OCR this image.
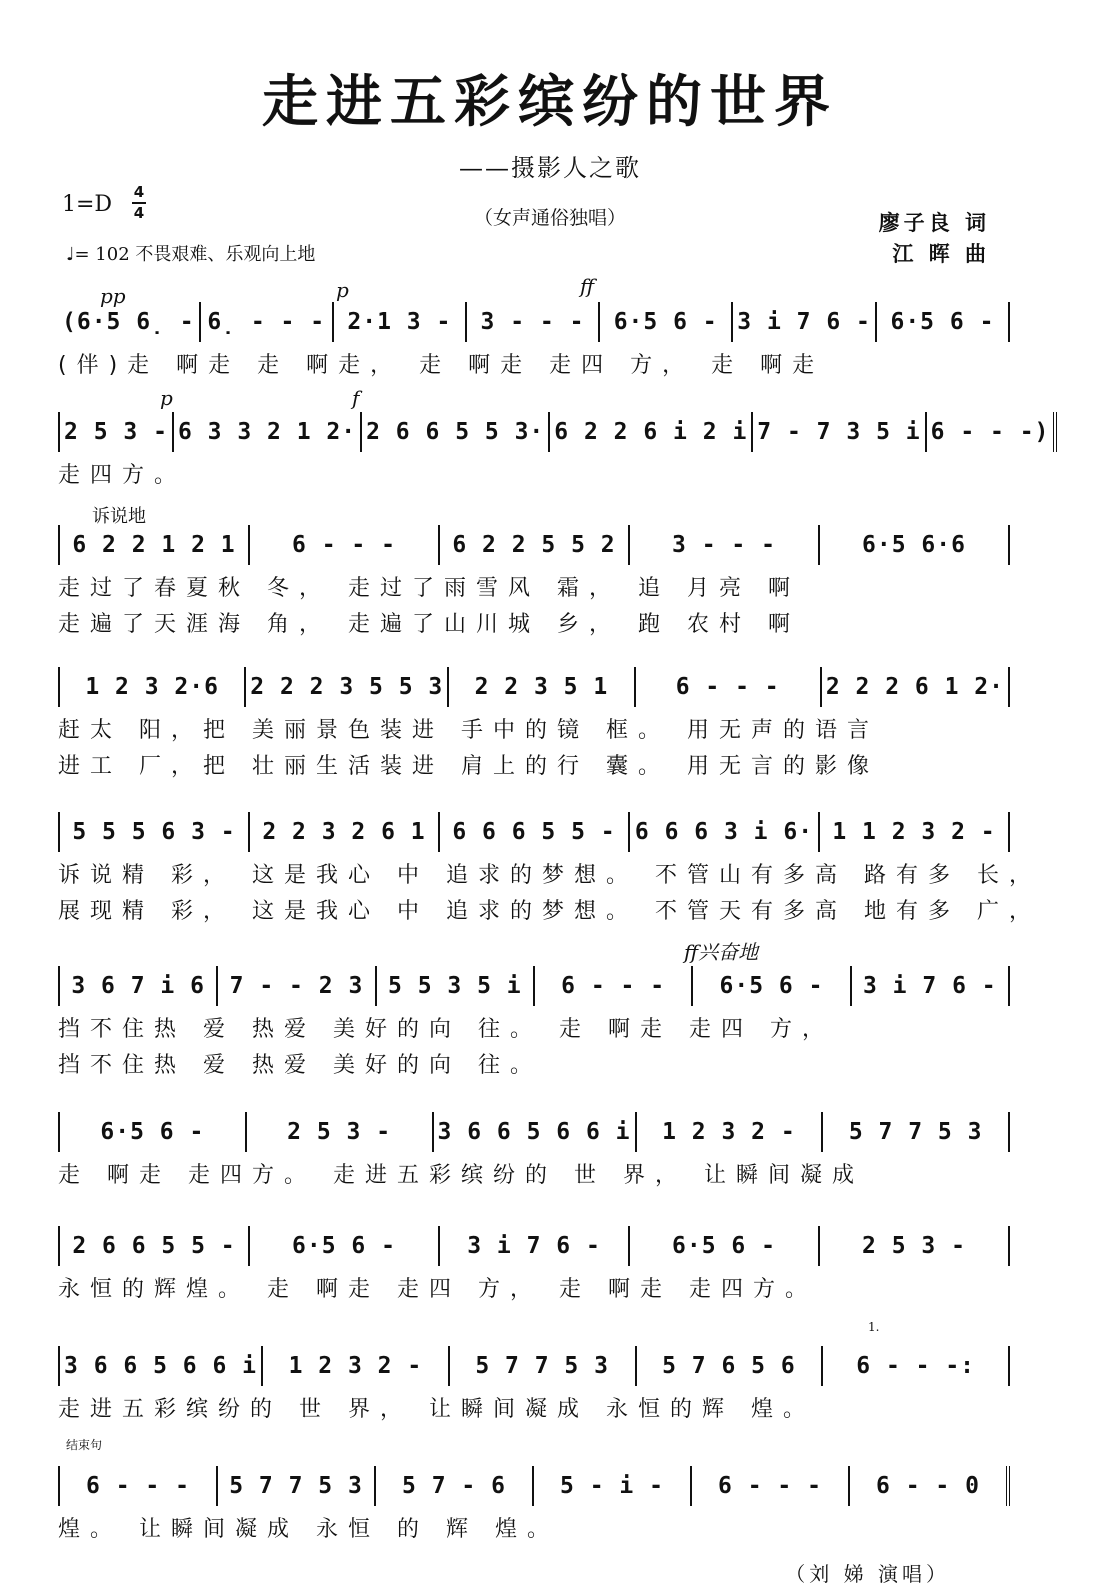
走进五彩缤纷的世界
——摄影人之歌
（女声通俗独唱）
1=D 4
4
♩= 102 不畏艰难、乐观向上地
廖子良 词
江 晖 曲
pp	p	ff
p	f
诉说地
ff兴奋地
1.
结束句
(6·5 6̣ - 6̣ - - - 2·1 3 -	3 - - -	6·5 6 - 3 i 7 6 - 6·5 6 -
(伴)走 啊走 走 啊走， 走 啊走 走四 方， 走 啊走
2 5 3 - 6 3 3 2 1 2· 2 6 6 5 5 3· 6 2 2 6 i 2 i 7 - 7 3 5 i 6 - - -)
走四方。
6 2 2 1 2 1	6 - - -	6 2 2 5 5 2	3 - - -	6·5 6·6
走过了春夏秋 冬， 走过了雨雪风 霜， 追 月亮 啊
走遍了天涯海 角， 走遍了山川城 乡， 跑 农村 啊
1 2 3 2·6	2 2 2 3 5 5 3	2 2 3 5 1	6 - - -	2 2 2 6 1 2·
赶太 阳，把 美丽景色装进 手中的镜 框。 用无声的语言
进工 厂，把 壮丽生活装进 肩上的行 囊。 用无言的影像
5 5 5 6 3 -	2 2 3 2 6 1	6 6 6 5 5 - 6 6 6 3 i 6· 1 1 2 3 2 -
诉说精 彩， 这是我心 中 追求的梦想。 不管山有多高 路有多 长，
展现精 彩， 这是我心 中 追求的梦想。 不管天有多高 地有多 广，
3 6 7 i 6	7 - - 2 3	5 5 3 5 i	6 - - -	6·5 6 -	3 i 7 6 -
挡不住热 爱 热爱 美好的向 往。 走 啊走 走四 方，
挡不住热 爱 热爱 美好的向 往。
6·5 6 -	2 5 3 -	3 6 6 5 6 6 i	1 2 3 2 -	5 7 7 5 3
走 啊走 走四方。 走进五彩缤纷的 世 界， 让瞬间凝成
2 6 6 5 5 -	6·5 6 -	3 i 7 6 -	6·5 6 -	2 5 3 -
永恒的辉煌。 走 啊走 走四 方， 走 啊走 走四方。
3 6 6 5 6 6 i	1 2 3 2 -	5 7 7 5 3	5 7 6 5 6	6 - - -:
走进五彩缤纷的 世 界， 让瞬间凝成 永恒的辉 煌。
6 - - -	5 7 7 5 3	5 7 - 6	5 - i -	6 - - -	6 - - 0
煌。 让瞬间凝成 永恒 的 辉 煌。
（刘 娣 演唱）
